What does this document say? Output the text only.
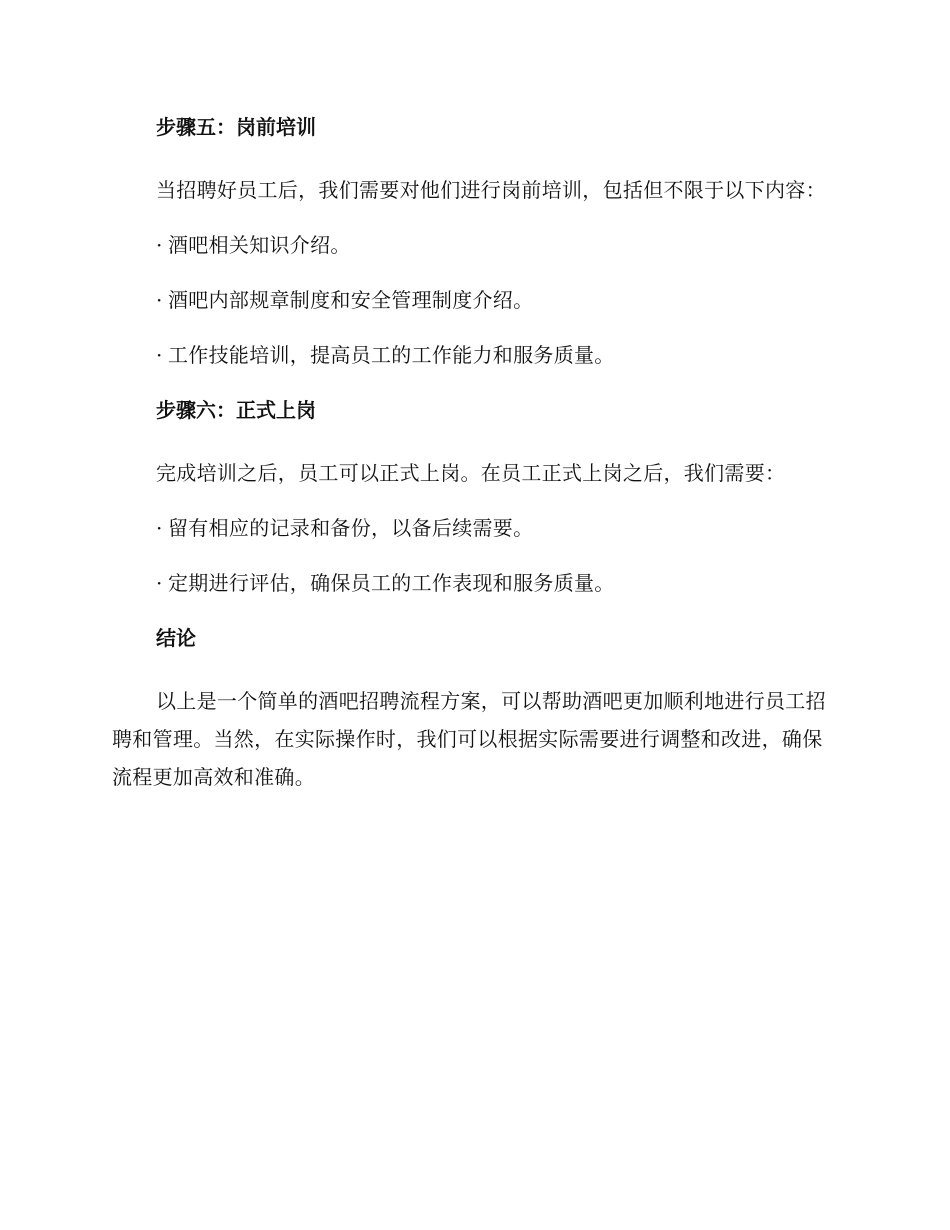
步骤五：岗前培训

当招聘好员工后，我们需要对他们进行岗前培训，包括但不限于以下内容：

· 酒吧相关知识介绍。
· 酒吧内部规章制度和安全管理制度介绍。
· 工作技能培训，提高员工的工作能力和服务质量。
步骤六：正式上岗

完成培训之后，员工可以正式上岗。在员工正式上岗之后，我们需要：

· 留有相应的记录和备份，以备后续需要。
· 定期进行评估，确保员工的工作表现和服务质量。
结论

以上是一个简单的酒吧招聘流程方案，可以帮助酒吧更加顺利地进行员工招聘和管理。当然，在实际操作时，我们可以根据实际需要进行调整和改进，确保流程更加高效和准确。
